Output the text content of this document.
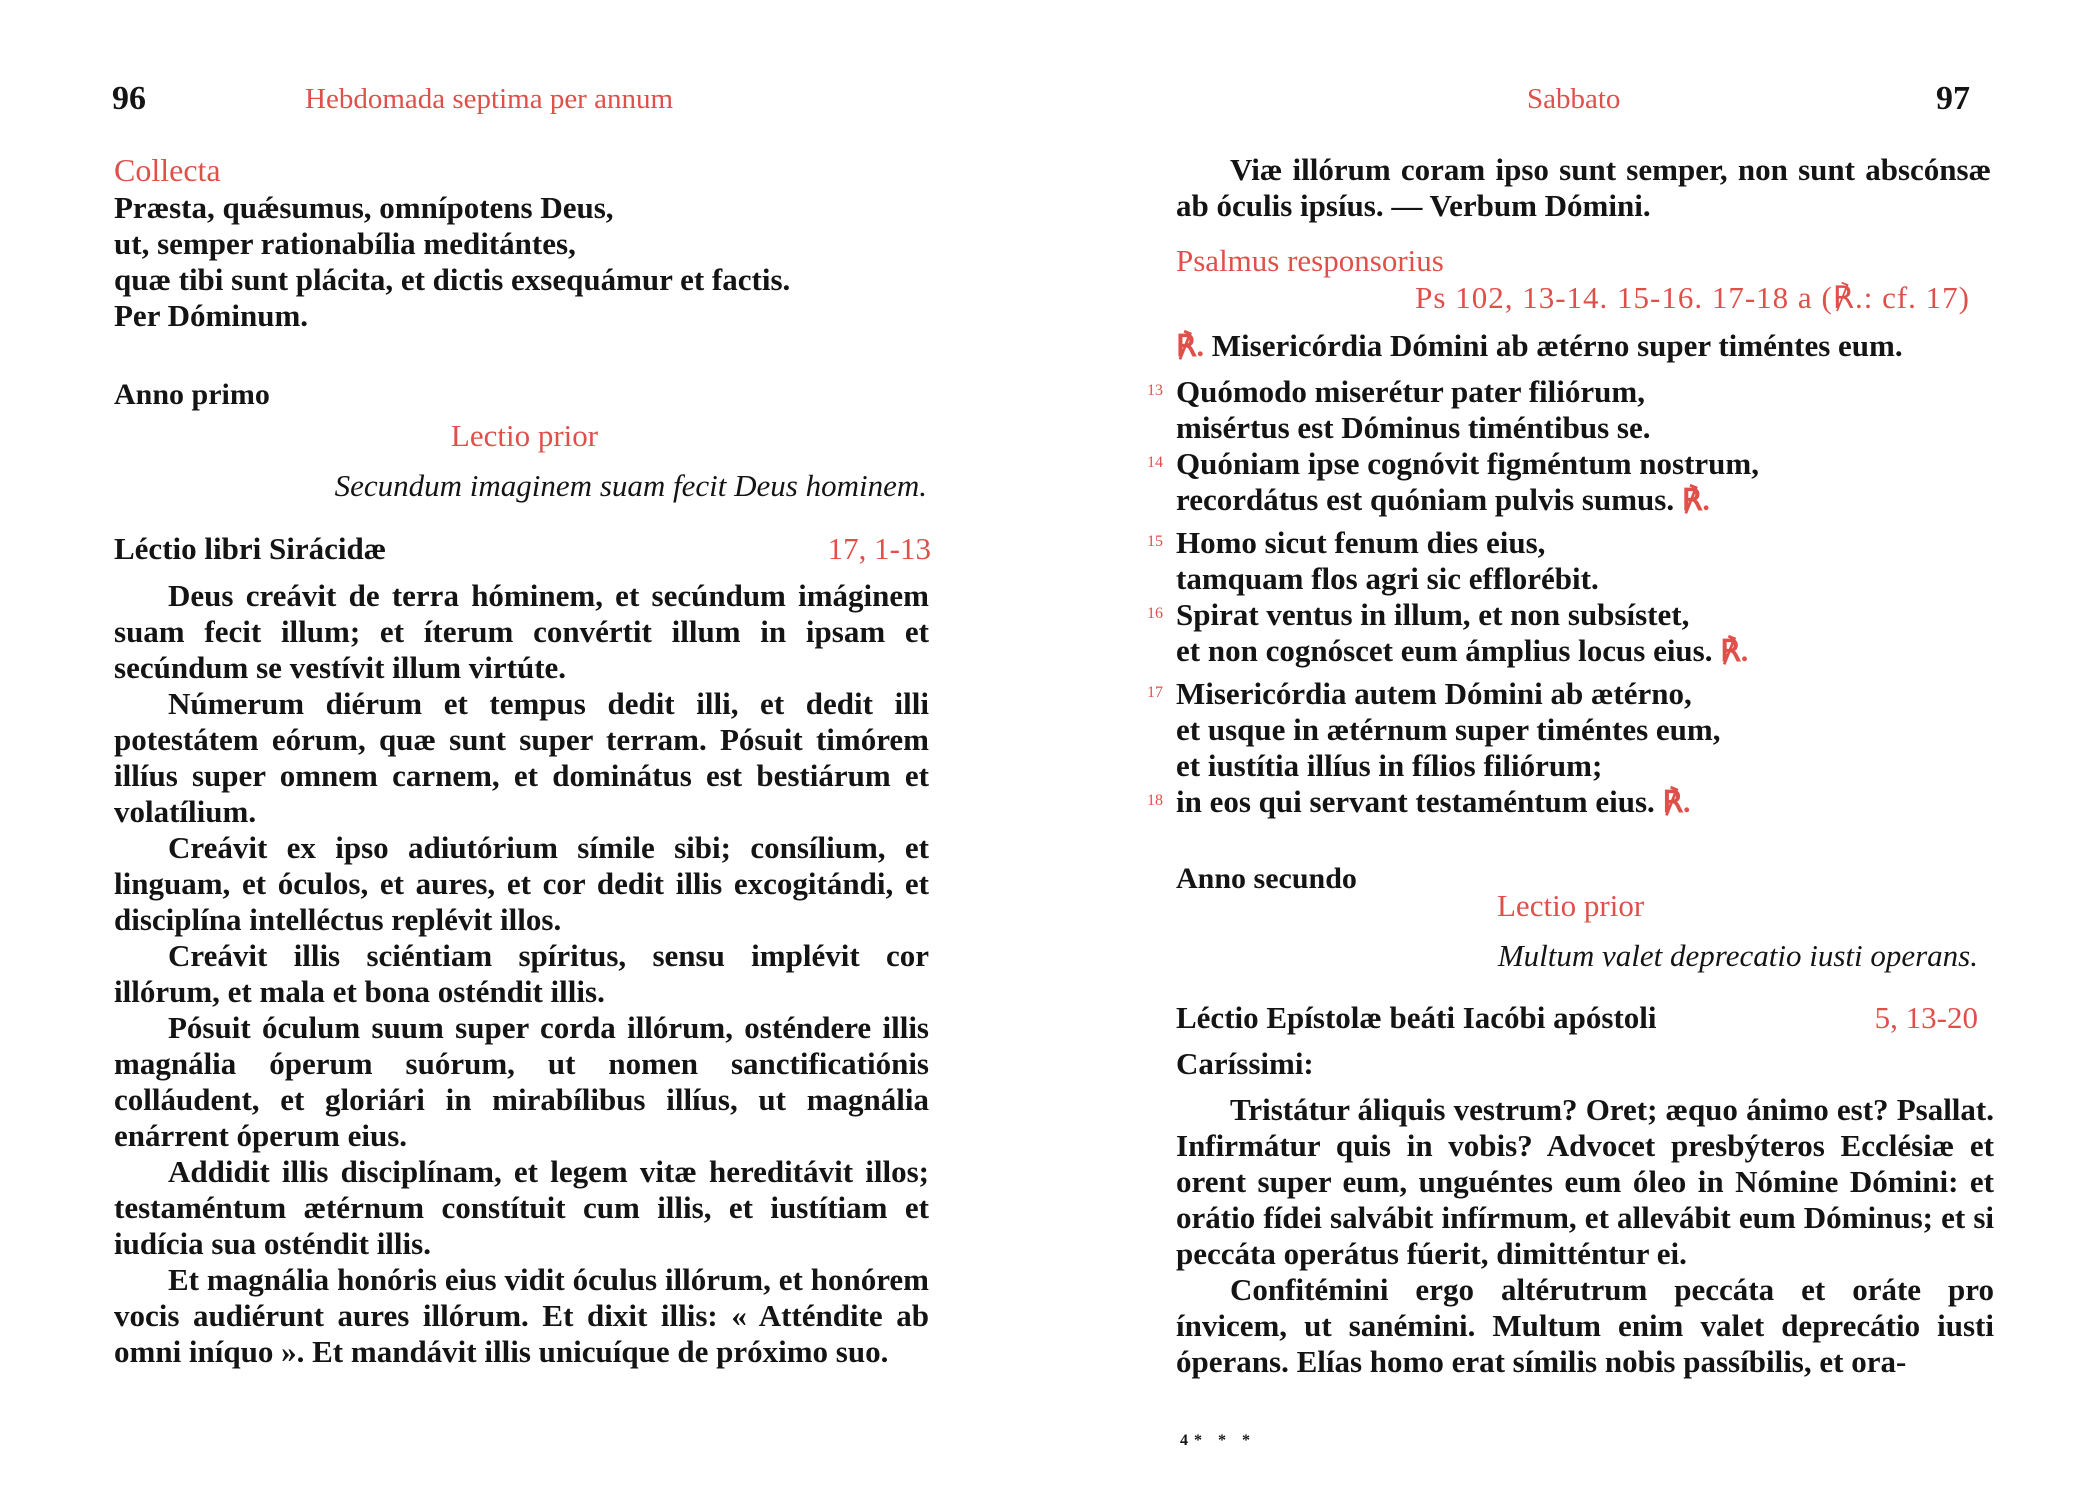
96	Hebdomada septima per annum
Collecta
Præsta, quǽsumus, omnípotens Deus,
ut, semper rationabília meditántes,
quæ tibi sunt plácita, et dictis exsequámur et factis.
Per Dóminum.
Anno primo
Lectio prior
Secundum imaginem suam fecit Deus hominem.
Léctio libri Sirácidæ	17, 1-13

Deus creávit de terra hóminem, et secúndum imáginem suam fecit illum; et íterum convértit illum in ipsam et secúndum se vestívit illum virtúte.

Númerum diérum et tempus dedit illi, et dedit illi potestátem eórum, quæ sunt super terram. Pósuit timórem illíus super omnem carnem, et dominátus est bestiárum et volatílium.

Creávit ex ipso adiutórium símile sibi; consílium, et linguam, et óculos, et aures, et cor dedit illis excogitándi, et disciplína intelléctus replévit illos.

Creávit illis sciéntiam spíritus, sensu implévit cor illórum, et mala et bona osténdit illis.

Pósuit óculum suum super corda illórum, osténdere illis magnália óperum suórum, ut nomen sanctificatiónis colláudent, et gloriári in mirabílibus illíus, ut magnália enárrent óperum eius.

Addidit illis disciplínam, et legem vitæ hereditávit illos; testaméntum ætérnum constítuit cum illis, et iustítiam et iudícia sua osténdit illis.

Et magnália honóris eius vidit óculus illórum, et honórem vocis audiérunt aures illórum. Et dixit illis: « Atténdite ab omni iníquo ». Et mandávit illis unicuíque de próximo suo.

Sabbato	97

Viæ illórum coram ipso sunt semper, non sunt abscónsæ ab óculis ipsíus. — Verbum Dómini.

Psalmus responsorius
Ps 102, 13-14. 15-16. 17-18 a (℟.: cf. 17)
℟. Misericórdia Dómini ab ætérno super timéntes eum.
13 Quómodo miserétur pater filiórum,
misértus est Dóminus timéntibus se.
14 Quóniam ipse cognóvit figméntum nostrum,
recordátus est quóniam pulvis sumus. ℟.
15 Homo sicut fenum dies eius,
tamquam flos agri sic efflorébit.
16 Spirat ventus in illum, et non subsístet,
et non cognóscet eum ámplius locus eius. ℟.
17 Misericórdia autem Dómini ab ætérno,
et usque in ætérnum super timéntes eum,
et iustítia illíus in fílios filiórum;
18 in eos qui servant testaméntum eius. ℟.
Anno secundo
Lectio prior
Multum valet deprecatio iusti operans.
Léctio Epístolæ beáti Iacóbi apóstoli	5, 13-20
Caríssimi:

Tristátur áliquis vestrum? Oret; æquo ánimo est? Psallat. Infirmátur quis in vobis? Advocet presbýteros Ecclésiæ et orent super eum, unguéntes eum óleo in Nómine Dómini: et orátio fídei salvábit infírmum, et allevábit eum Dóminus; et si peccáta operátus fúerit, dimitténtur ei.

Confitémini ergo altérutrum peccáta et oráte pro ínvicem, ut sanémini. Multum enim valet deprecátio iusti óperans. Elías homo erat símilis nobis passíbilis, et ora-

4* * *
